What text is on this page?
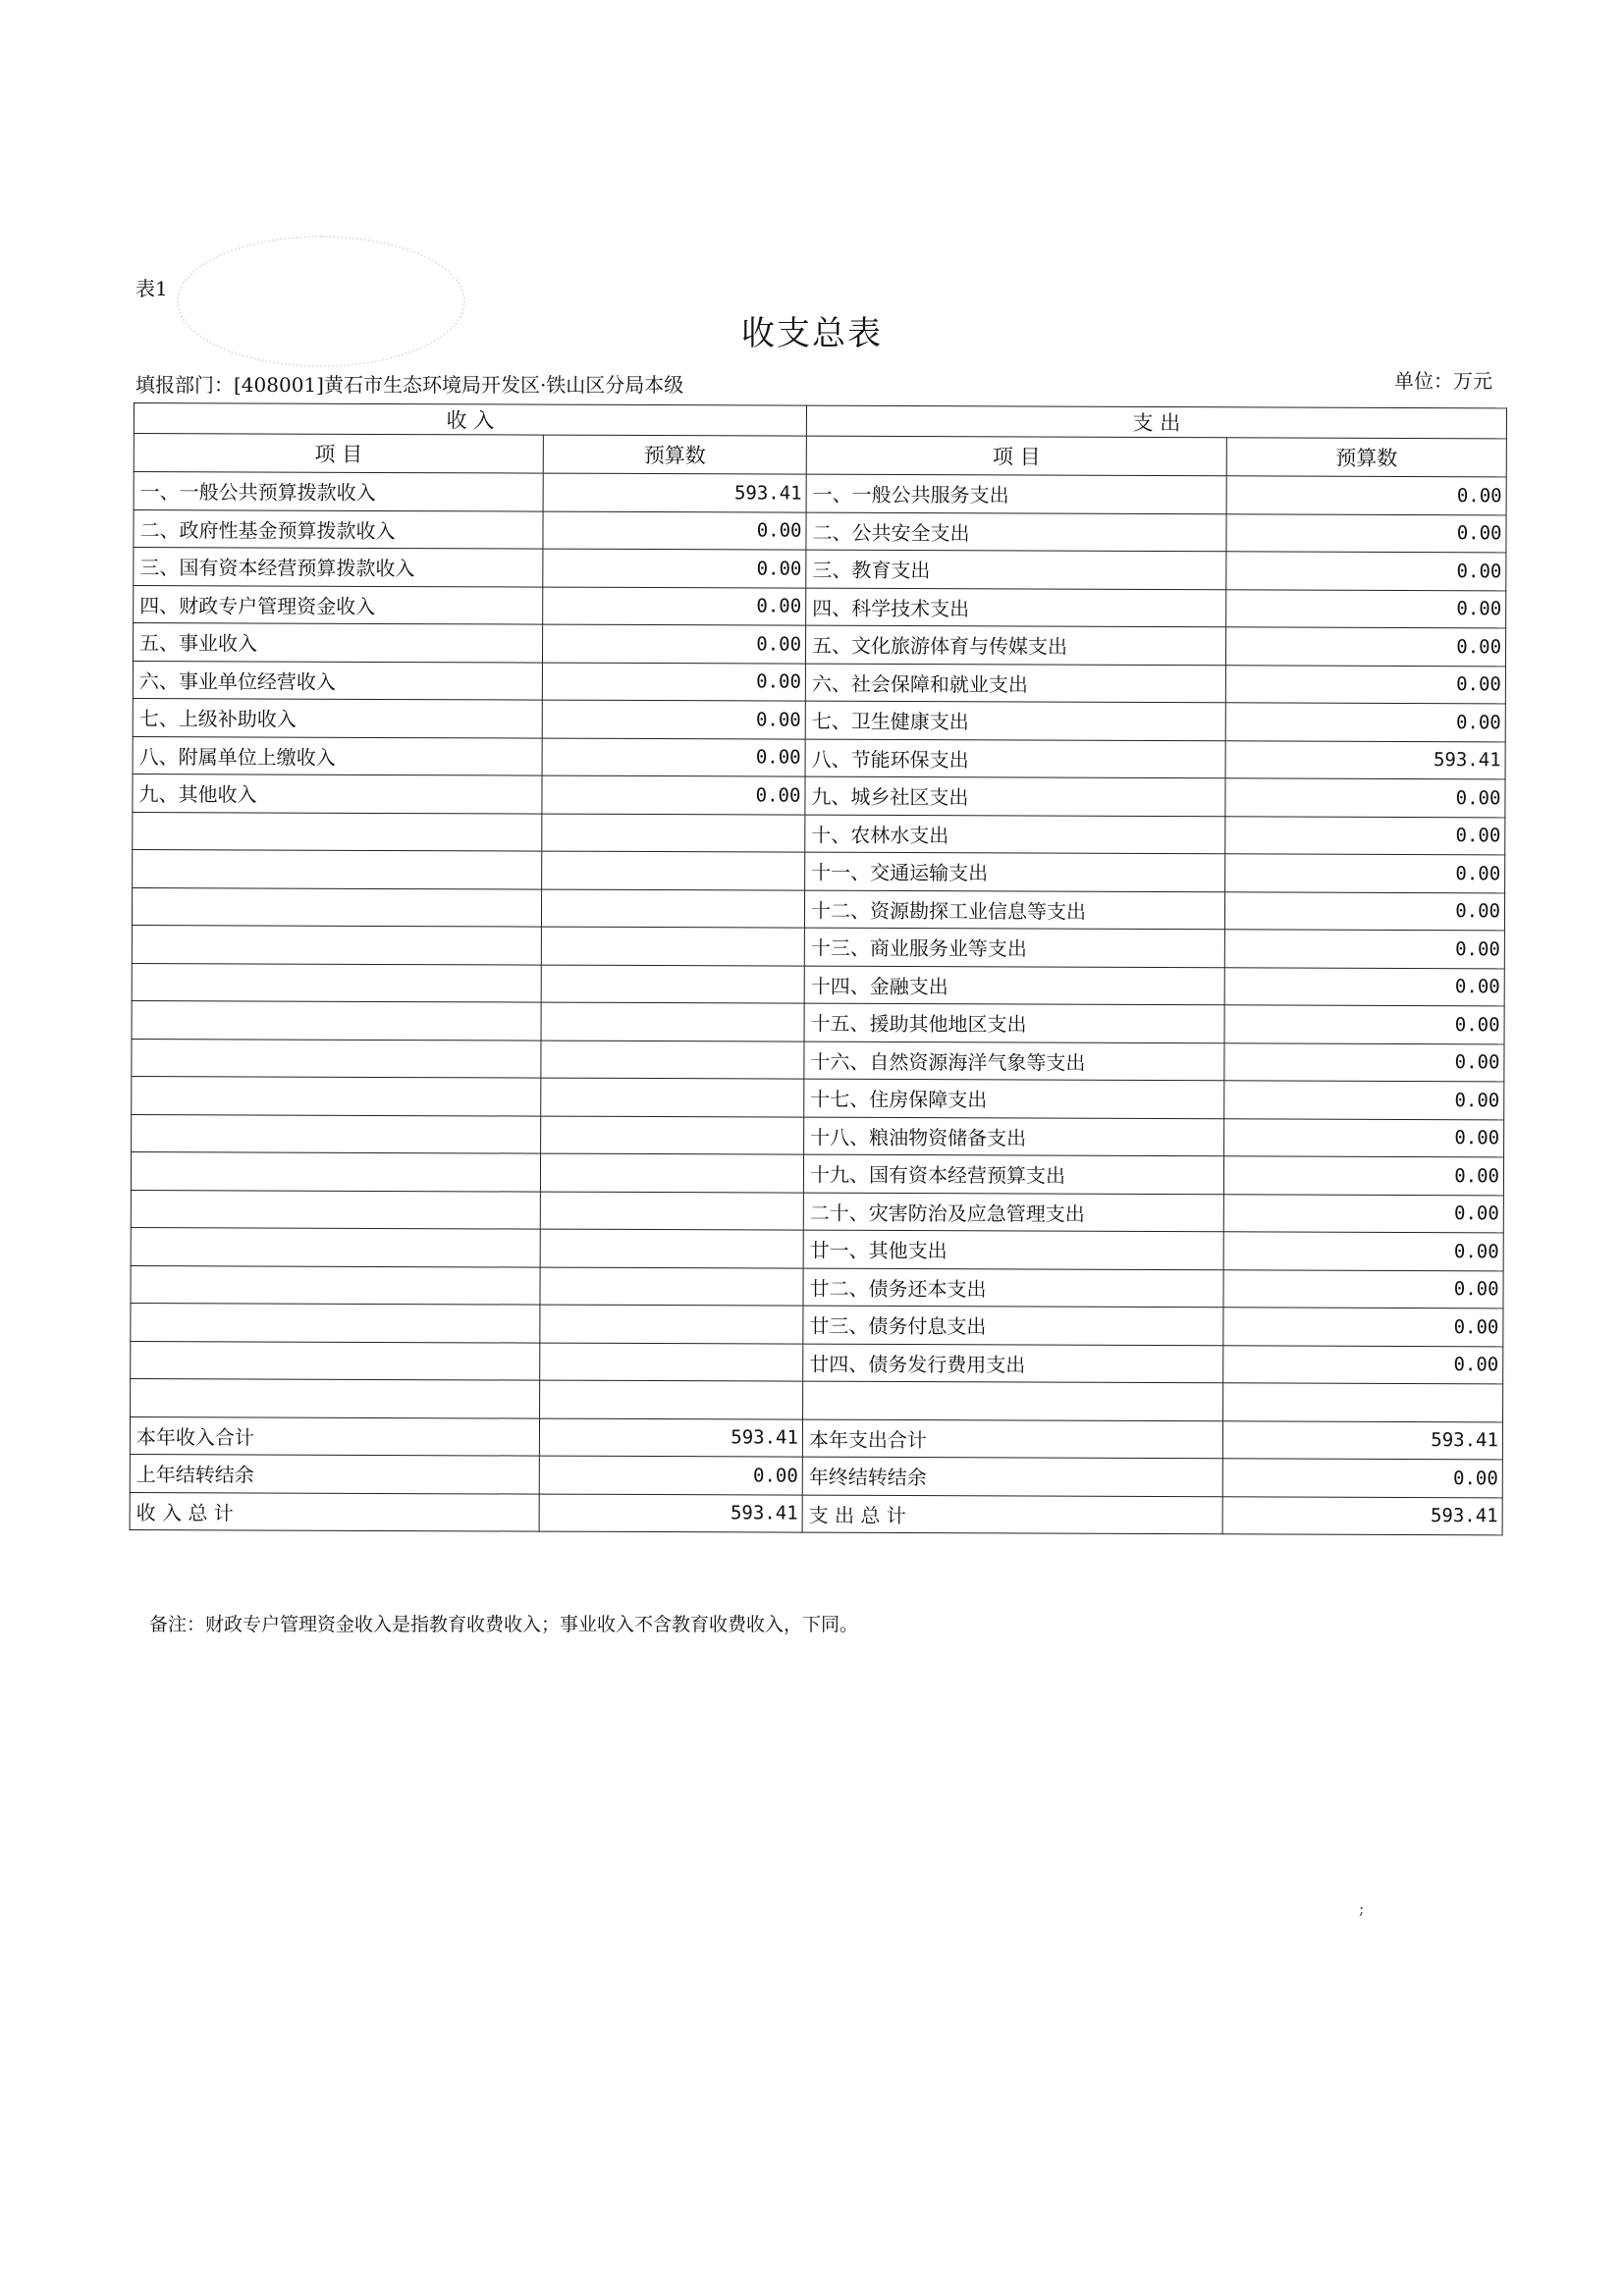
表1
收支总表
填报部门：[408001]黄石市生态环境局开发区·铁山区分局本级	单位：万元
收 入		支 出	
项 目	预算数	项 目	预算数
一、一般公共预算拨款收入	593.41	一、一般公共服务支出	0.00
二、政府性基金预算拨款收入	0.00	二、公共安全支出	0.00
三、国有资本经营预算拨款收入	0.00	三、教育支出	0.00
四、财政专户管理资金收入	0.00	四、科学技术支出	0.00
五、事业收入	0.00	五、文化旅游体育与传媒支出	0.00
六、事业单位经营收入	0.00	六、社会保障和就业支出	0.00
七、上级补助收入	0.00	七、卫生健康支出	0.00
八、附属单位上缴收入	0.00	八、节能环保支出	593.41
九、其他收入	0.00	九、城乡社区支出	0.00
		十、农林水支出	0.00
		十一、交通运输支出	0.00
		十二、资源勘探工业信息等支出	0.00
		十三、商业服务业等支出	0.00
		十四、金融支出	0.00
		十五、援助其他地区支出	0.00
		十六、自然资源海洋气象等支出	0.00
		十七、住房保障支出	0.00
		十八、粮油物资储备支出	0.00
		十九、国有资本经营预算支出	0.00
		二十、灾害防治及应急管理支出	0.00
		廿一、其他支出	0.00
		廿二、债务还本支出	0.00
		廿三、债务付息支出	0.00
		廿四、债务发行费用支出	0.00

本年收入合计	593.41	本年支出合计	593.41
上年结转结余	0.00	年终结转结余	0.00
收 入 总 计	593.41	支 出 总 计	593.41
备注：财政专户管理资金收入是指教育收费收入；事业收入不含教育收费收入，下同。
;
